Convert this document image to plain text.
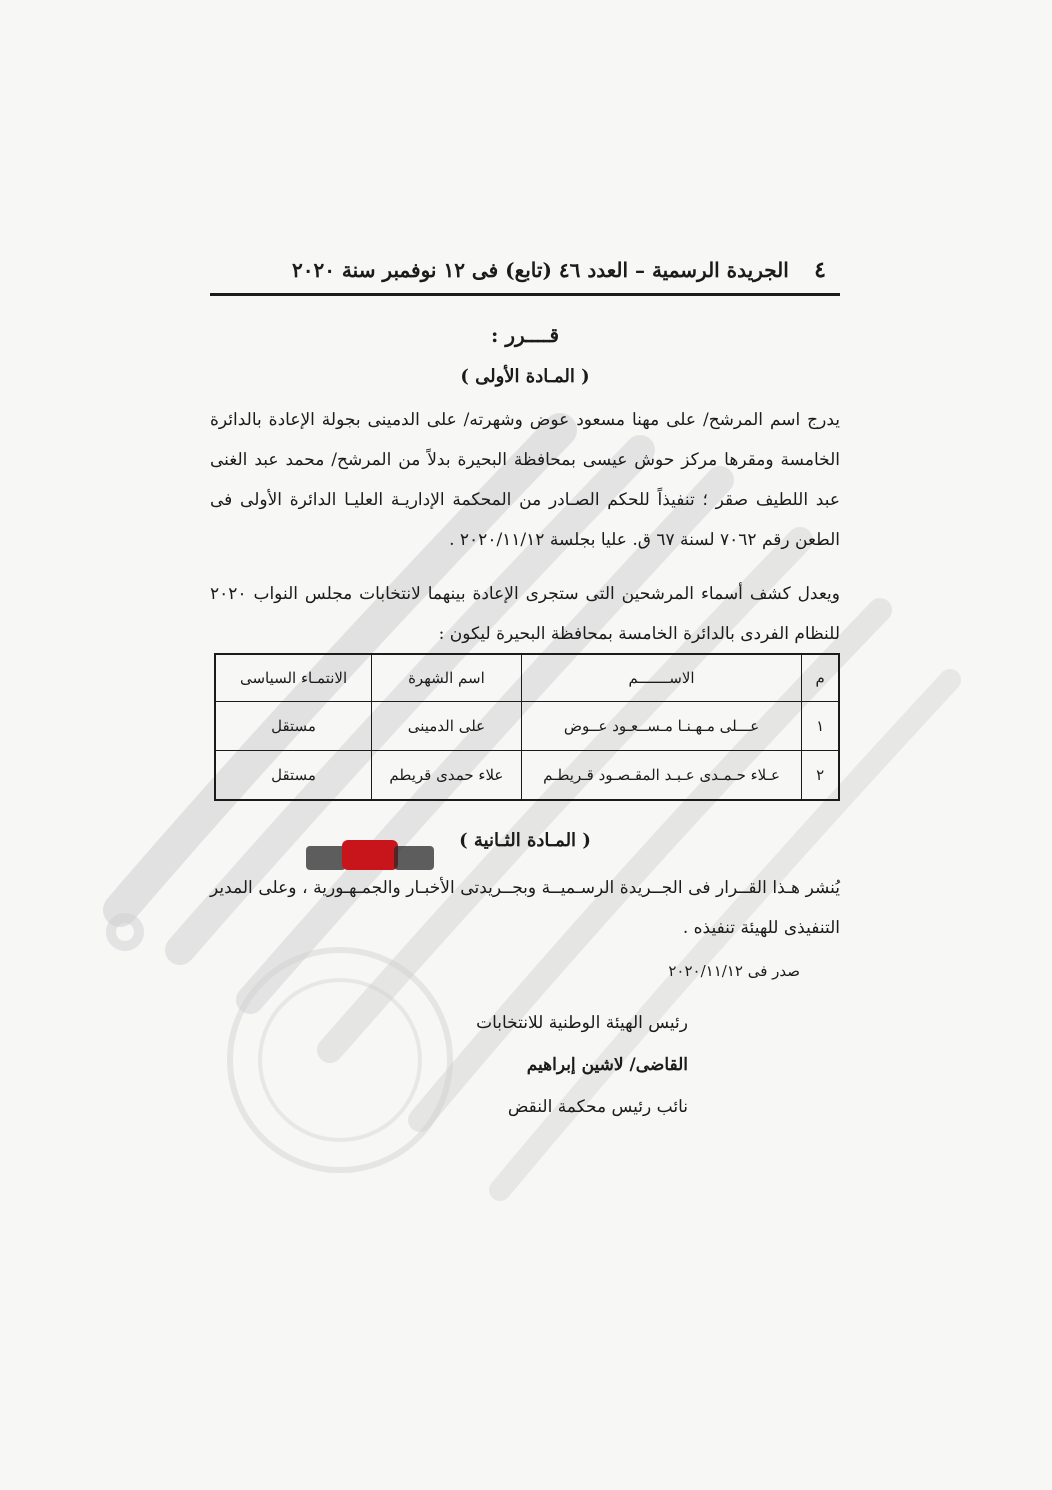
٤
الجريدة الرسمية – العدد ٤٦ (تابع) فى ١٢ نوفمبر سنة ٢٠٢٠
قــــرر :
( المـادة الأولى )
يدرج اسم المرشح/ على مهنا مسعود عوض وشهرته/ على الدمينى بجولة الإعادة بالدائرة الخامسة ومقرها مركز حوش عيسى بمحافظة البحيرة بدلاً من المرشح/ محمد عبد الغنى عبد اللطيف صقر ؛ تنفيذاً للحكم الصـادر من المحكمة الإداريـة العليـا الدائرة الأولى فى الطعن رقم ٧٠٦٢ لسنة ٦٧ ق. عليا بجلسة ٢٠٢٠/١١/١٢ .
ويعدل كشف أسماء المرشحين التى ستجرى الإعادة بينهما لانتخابات مجلس النواب ٢٠٢٠ للنظام الفردى بالدائرة الخامسة بمحافظة البحيرة ليكون :
م	الاســـــــم	اسم الشهرة	الانتمـاء السياسى
١	عـــلى مـهـنـا مـســعـود عــوض	على الدمينى	مستقل
٢	عـلاء حـمـدى عـبـد المقـصـود قـريطـم	علاء حمدى قريطم	مستقل
( المـادة الثـانية )
يُنشر هـذا القــرار فى الجــريدة الرسـميــة وبجــريدتى الأخبـار والجمـهـورية ، وعلى المدير التنفيذى للهيئة تنفيذه .
صدر فى ٢٠٢٠/١١/١٢
رئيس الهيئة الوطنية للانتخابات
القاضى/ لاشين إبراهيم
نائب رئيس محكمة النقض
